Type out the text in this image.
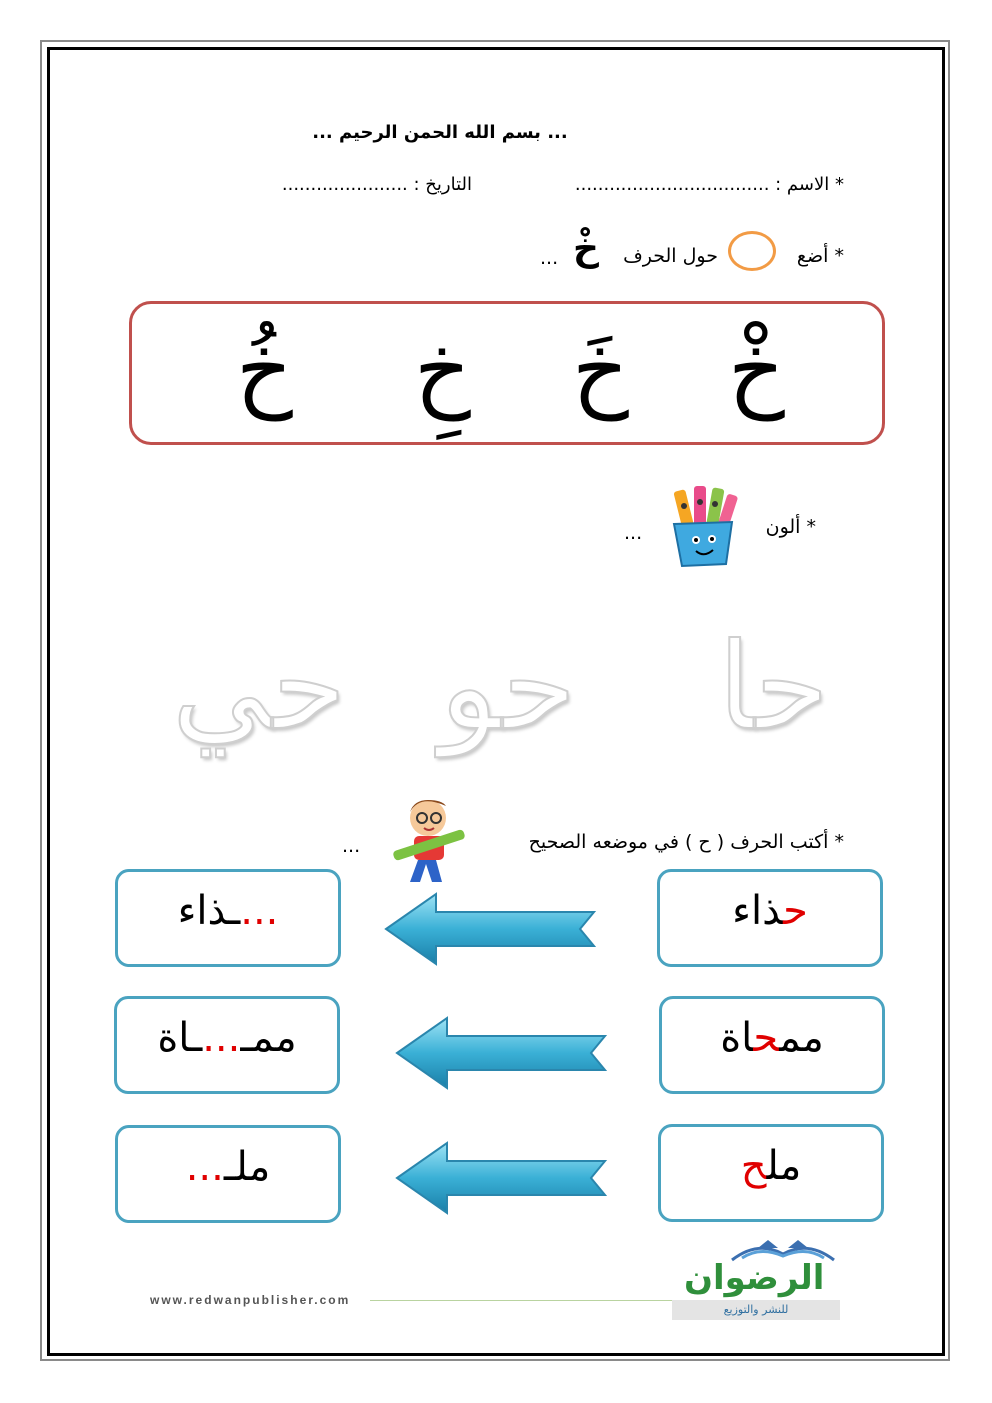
... بسم الله الحمن الرحيم ...
* الاسم : ..................................
التاريخ : ......................
* أضع
حول الحرف
خْ
...
خْ
خَ
خِ
خُ
* ألون
...
حا
حو
حي
* أكتب الحرف ( ح ) في موضعه الصحيح
...
حذاء
...ـذاء
ممحاة
ممـ...ـاة
ملح
ملـ...
www.redwanpublisher.com
الرضوان
للنشر والتوزيع
